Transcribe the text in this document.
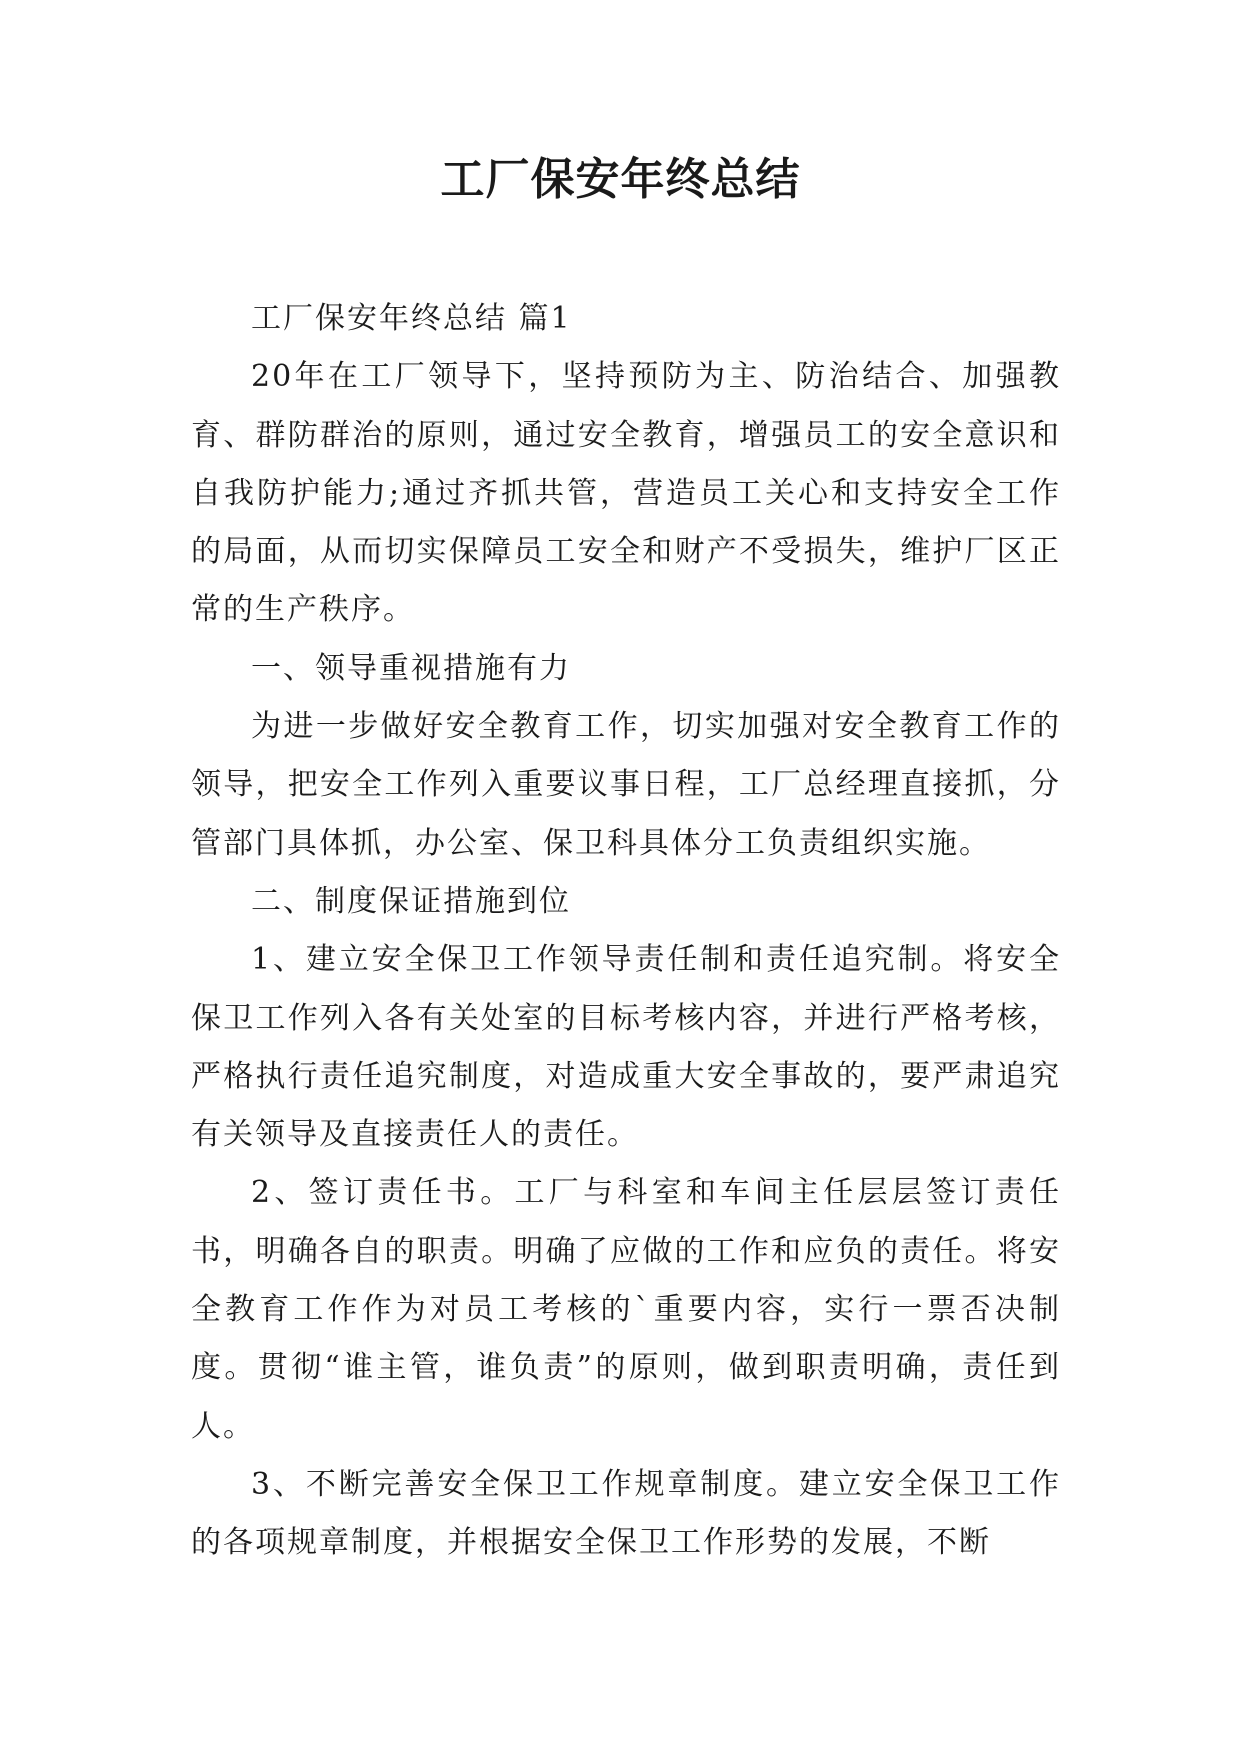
工厂保安年终总结

工厂保安年终总结 篇1

20年在工厂领导下，坚持预防为主、防治结合、加强教育、群防群治的原则，通过安全教育，增强员工的安全意识和自我防护能力;通过齐抓共管，营造员工关心和支持安全工作的局面，从而切实保障员工安全和财产不受损失，维护厂区正常的生产秩序。

一、领导重视措施有力

为进一步做好安全教育工作，切实加强对安全教育工作的领导，把安全工作列入重要议事日程，工厂总经理直接抓，分管部门具体抓，办公室、保卫科具体分工负责组织实施。

二、制度保证措施到位

1、建立安全保卫工作领导责任制和责任追究制。将安全保卫工作列入各有关处室的目标考核内容，并进行严格考核，严格执行责任追究制度，对造成重大安全事故的，要严肃追究有关领导及直接责任人的责任。

2、签订责任书。工厂与科室和车间主任层层签订责任书，明确各自的职责。明确了应做的工作和应负的责任。将安全教育工作作为对员工考核的`重要内容，实行一票否决制度。贯彻“谁主管，谁负责”的原则，做到职责明确，责任到人。

3、不断完善安全保卫工作规章制度。建立安全保卫工作的各项规章制度，并根据安全保卫工作形势的发展，不断
